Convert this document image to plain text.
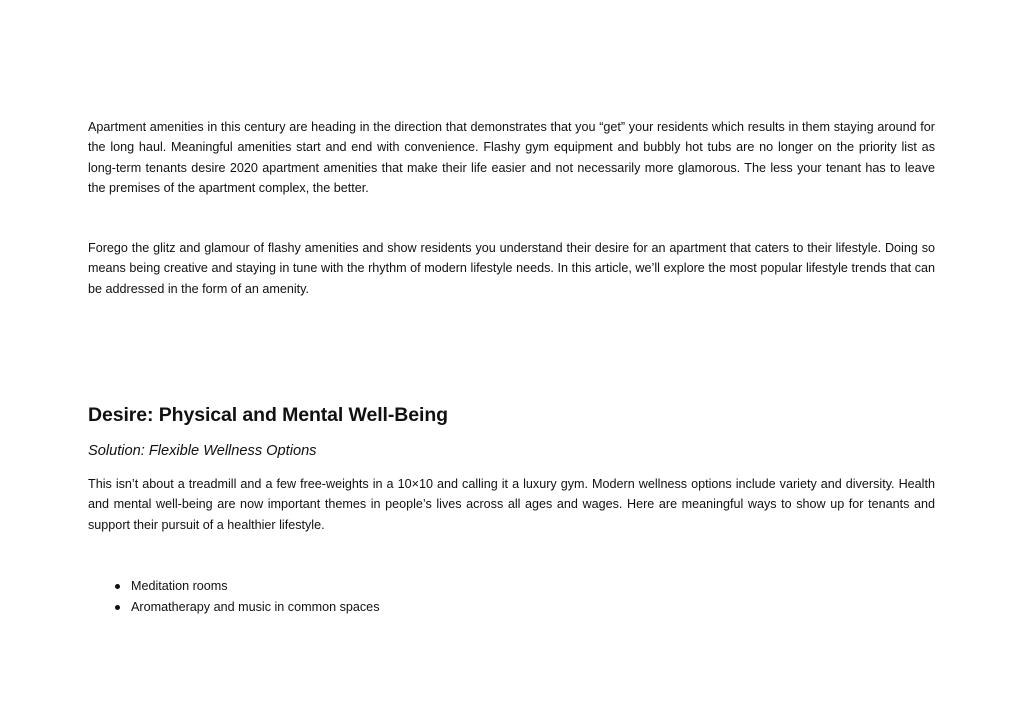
Apartment amenities in this century are heading in the direction that demonstrates that you “get” your residents which results in them staying around for the long haul. Meaningful amenities start and end with convenience. Flashy gym equipment and bubbly hot tubs are no longer on the priority list as long-term tenants desire 2020 apartment amenities that make their life easier and not necessarily more glamorous. The less your tenant has to leave the premises of the apartment complex, the better.

Forego the glitz and glamour of flashy amenities and show residents you understand their desire for an apartment that caters to their lifestyle. Doing so means being creative and staying in tune with the rhythm of modern lifestyle needs. In this article, we’ll explore the most popular lifestyle trends that can be addressed in the form of an amenity.

Desire: Physical and Mental Well-Being

Solution: Flexible Wellness Options

This isn’t about a treadmill and a few free-weights in a 10×10 and calling it a luxury gym. Modern wellness options include variety and diversity. Health and mental well-being are now important themes in people’s lives across all ages and wages. Here are meaningful ways to show up for tenants and support their pursuit of a healthier lifestyle.

Meditation rooms
Aromatherapy and music in common spaces
